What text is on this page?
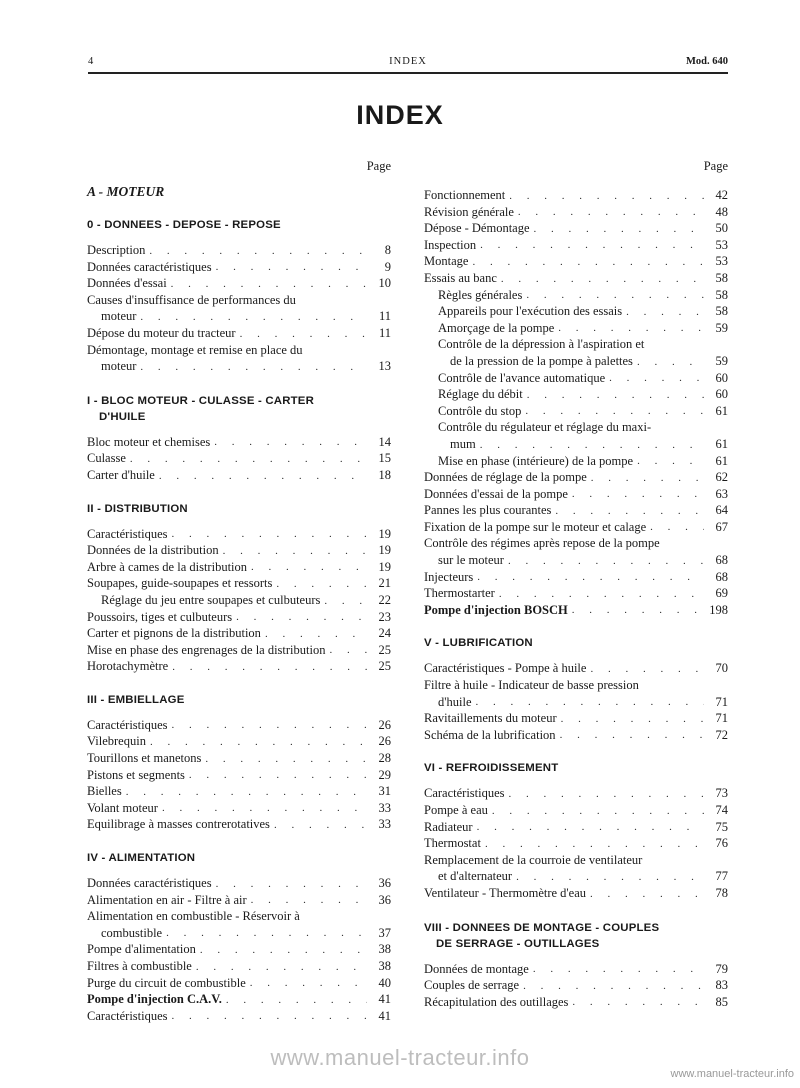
4	INDEX	Mod. 640
INDEX
Page
A - MOTEUR
0 - DONNEES - DEPOSE - REPOSE
Description . . .	8
Données caractéristiques . . .	9
Données d'essai . . .	10
Causes d'insuffisance de performances du
moteur . . .	11
Dépose du moteur du tracteur . . .	11
Démontage, montage et remise en place du
moteur . . .	13
I - BLOC MOTEUR - CULASSE - CARTER
D'HUILE
Bloc moteur et chemises . . .	14
Culasse . . .	15
Carter d'huile . . .	18
II - DISTRIBUTION
Caractéristiques . . .	19
Données de la distribution . . .	19
Arbre à cames de la distribution . . .	19
Soupapes, guide-soupapes et ressorts . . .	21
Réglage du jeu entre soupapes et culbuteurs . . .	22
Poussoirs, tiges et culbuteurs . . .	23
Carter et pignons de la distribution . . .	24
Mise en phase des engrenages de la distribution . . .	25
Horotachymètre . . .	25
III - EMBIELLAGE
Caractéristiques . . .	26
Vilebrequin . . .	26
Tourillons et manetons . . .	28
Pistons et segments . . .	29
Bielles . . .	31
Volant moteur . . .	33
Equilibrage à masses contrerotatives . . .	33
IV - ALIMENTATION
Données caractéristiques . . .	36
Alimentation en air - Filtre à air . . .	36
Alimentation en combustible - Réservoir à
combustible . . .	37
Pompe d'alimentation . . .	38
Filtres à combustible . . .	38
Purge du circuit de combustible . . .	40
Pompe d'injection C.A.V. . . .	41
Caractéristiques . . .	41
Page
Fonctionnement . . .	42
Révision générale . . .	48
Dépose - Démontage . . .	50
Inspection . . .	53
Montage . . .	53
Essais au banc . . .	58
Règles générales . . .	58
Appareils pour l'exécution des essais . . .	58
Amorçage de la pompe . . .	59
Contrôle de la dépression à l'aspiration et
de la pression de la pompe à palettes . . .	59
Contrôle de l'avance automatique . . .	60
Réglage du débit . . .	60
Contrôle du stop . . .	61
Contrôle du régulateur et réglage du maxi-
mum . . .	61
Mise en phase (intérieure) de la pompe . . .	61
Données de réglage de la pompe . . .	62
Données d'essai de la pompe . . .	63
Pannes les plus courantes . . .	64
Fixation de la pompe sur le moteur et calage . . .	67
Contrôle des régimes après repose de la pompe
sur le moteur . . .	68
Injecteurs . . .	68
Thermostarter . . .	69
Pompe d'injection BOSCH . . .	198
V - LUBRIFICATION
Caractéristiques - Pompe à huile . . .	70
Filtre à huile - Indicateur de basse pression
d'huile . . .	71
Ravitaillements du moteur . . .	71
Schéma de la lubrification . . .	72
VI - REFROIDISSEMENT
Caractéristiques . . .	73
Pompe à eau . . .	74
Radiateur . . .	75
Thermostat . . .	76
Remplacement de la courroie de ventilateur
et d'alternateur . . .	77
Ventilateur - Thermomètre d'eau . . .	78
VIII - DONNEES DE MONTAGE - COUPLES
DE SERRAGE - OUTILLAGES
Données de montage . . .	79
Couples de serrage . . .	83
Récapitulation des outillages . . .	85
www.manuel-tracteur.info
www.manuel-tracteur.info
